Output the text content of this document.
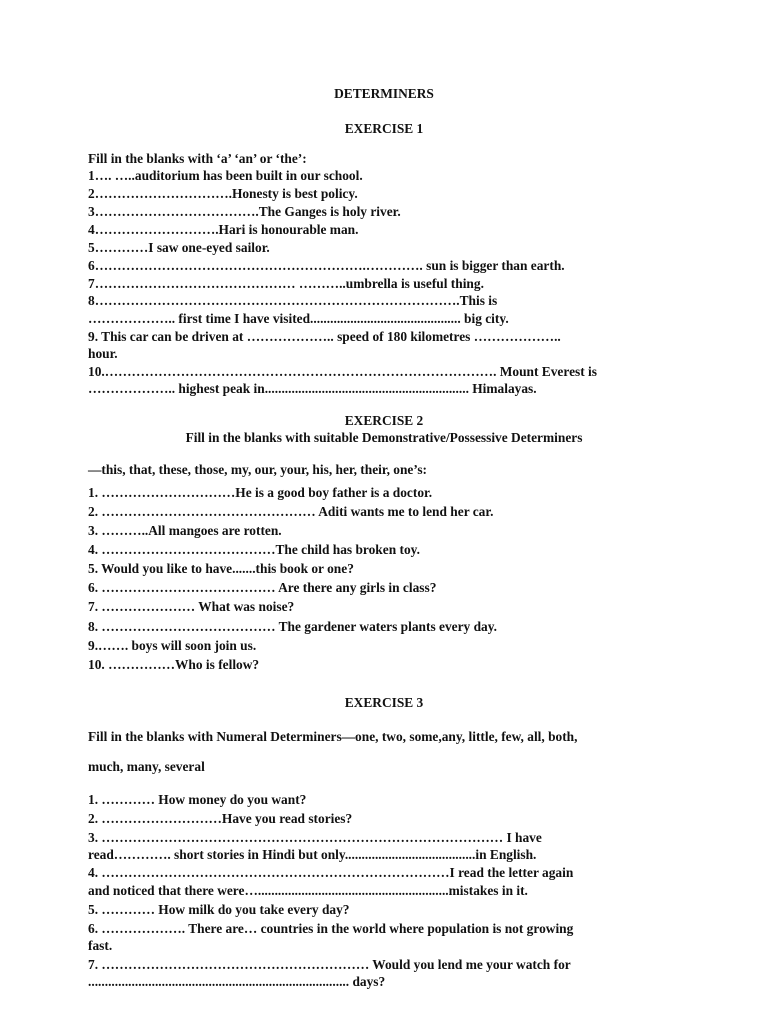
DETERMINERS
EXERCISE 1
Fill in the blanks with ‘a’ ‘an’ or ‘the’:
1…. …..auditorium has been built in our school.
2………………………….Honesty is best policy.
3……………………………….The Ganges is holy river.
4……………………….Hari is honourable man.
5…………I saw one-eyed sailor.
6…………………………………………………….…………. sun is bigger than earth.
7……………………………………… ………..umbrella is useful thing.
8……………………………………………………………………….This is
……………….. first time I have visited............................................. big city.
9. This car can be driven at ……………….. speed of 180 kilometres ………………..
hour.
10.……………………………………………………………………………. Mount Everest is
……………….. highest peak in............................................................. Himalayas.
EXERCISE 2
Fill in the blanks with suitable Demonstrative/Possessive Determiners
—this, that, these, those, my, our, your, his, her, their, one’s:
1. …………………………He is a good boy father is a doctor.
2. ………………………………………… Aditi wants me to lend her car.
3. ………..All mangoes are rotten.
4. …………………………………The child has broken toy.
5. Would you like to have.......this book or one?
6. ………………………………… Are there any girls in class?
7. ………………… What was noise?
8. ………………………………… The gardener waters plants every day.
9.……. boys will soon join us.
10. ……………Who is fellow?
EXERCISE 3
Fill in the blanks with Numeral Determiners—one, two, some,any, little, few, all, both,
much, many, several
1. ………… How money do you want?
2. ………………………Have you read stories?
3. ……………………………………………………………………………… I have
read…………. short stories in Hindi but only.......................................in English.
4. ……………………………………………………………………I read the letter again
and noticed that there were….........................................................mistakes in it.
5. ………… How milk do you take every day?
6. ………………. There are… countries in the world where population is not growing
fast.
7. …………………………………………………… Would you lend me your watch for
.............................................................................. days?
